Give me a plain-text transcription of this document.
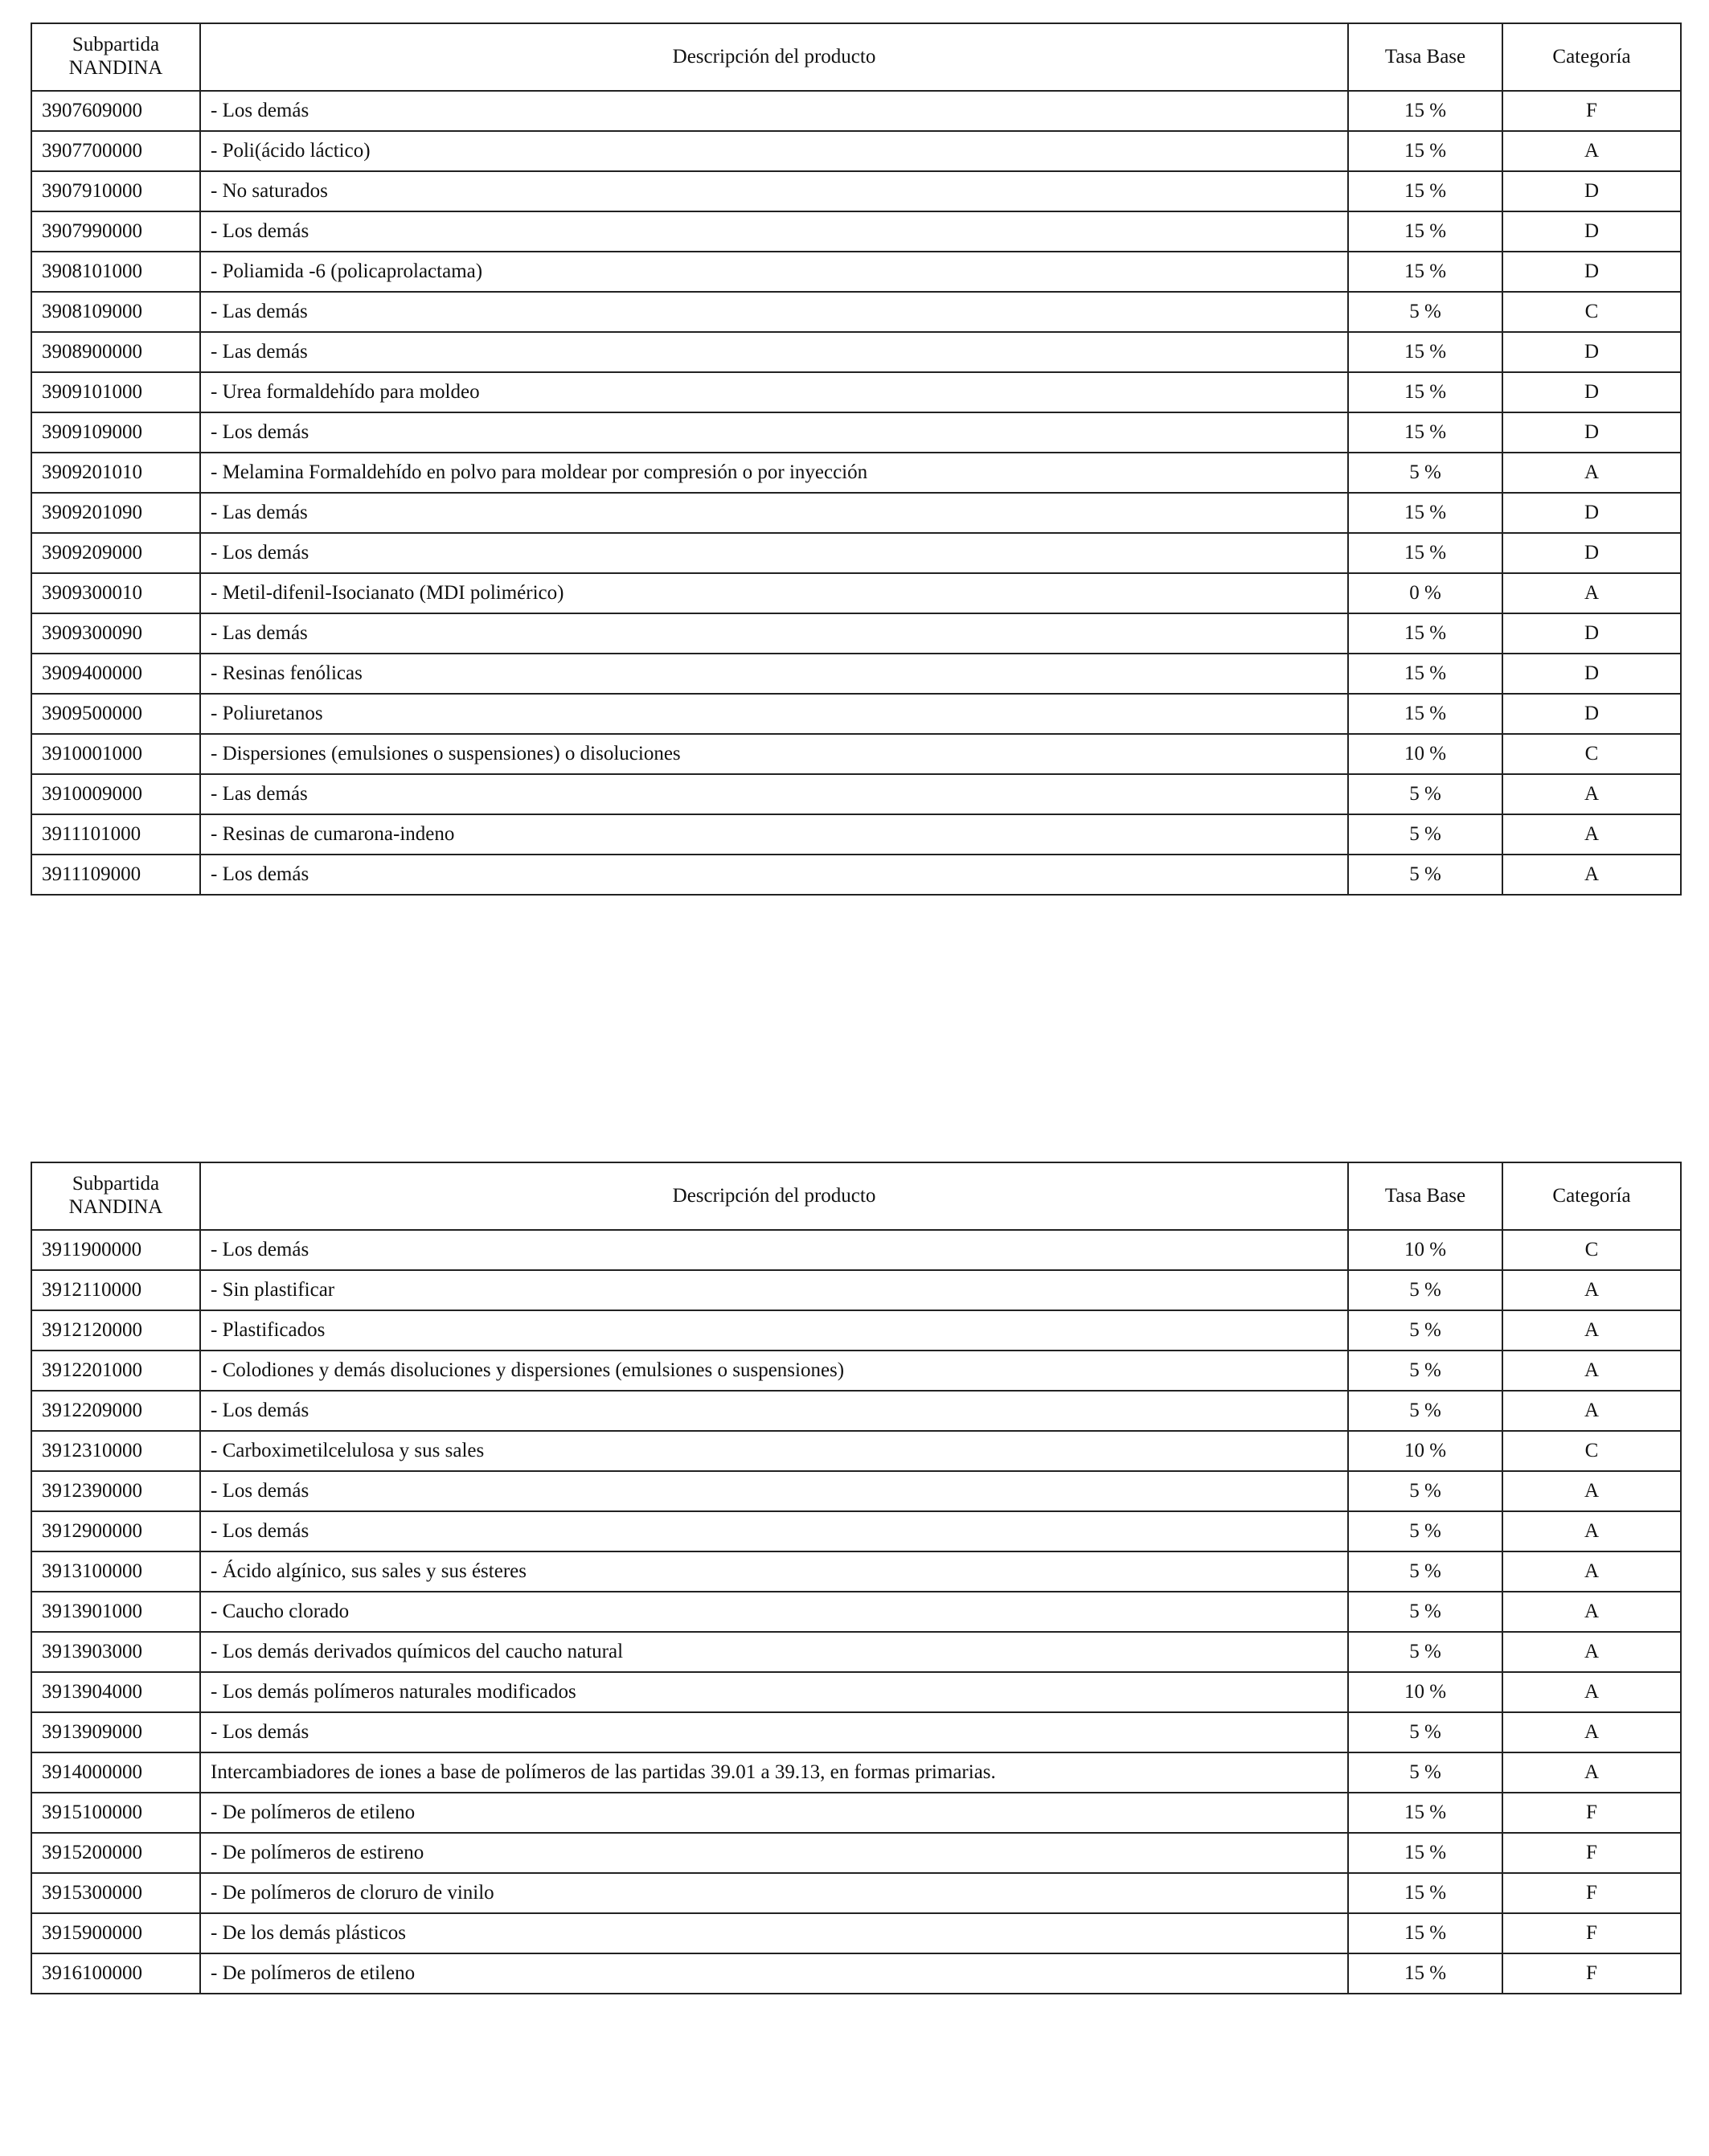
Subpartida NANDINA	Descripción del producto	Tasa Base	Categoría
3907609000	- Los demás	15 %	F
3907700000	- Poli(ácido láctico)	15 %	A
3907910000	- No saturados	15 %	D
3907990000	- Los demás	15 %	D
3908101000	- Poliamida -6 (policaprolactama)	15 %	D
3908109000	- Las demás	5 %	C
3908900000	- Las demás	15 %	D
3909101000	- Urea formaldehído para moldeo	15 %	D
3909109000	- Los demás	15 %	D
3909201010	- Melamina Formaldehído en polvo para moldear por compresión o por inyección	5 %	A
3909201090	- Las demás	15 %	D
3909209000	- Los demás	15 %	D
3909300010	- Metil-difenil-Isocianato (MDI polimérico)	0 %	A
3909300090	- Las demás	15 %	D
3909400000	- Resinas fenólicas	15 %	D
3909500000	- Poliuretanos	15 %	D
3910001000	- Dispersiones (emulsiones o suspensiones) o disoluciones	10 %	C
3910009000	- Las demás	5 %	A
3911101000	- Resinas de cumarona-indeno	5 %	A
3911109000	- Los demás	5 %	A
Subpartida NANDINA	Descripción del producto	Tasa Base	Categoría
3911900000	- Los demás	10 %	C
3912110000	- Sin plastificar	5 %	A
3912120000	- Plastificados	5 %	A
3912201000	- Colodiones y demás disoluciones y dispersiones (emulsiones o suspensiones)	5 %	A
3912209000	- Los demás	5 %	A
3912310000	- Carboximetilcelulosa y sus sales	10 %	C
3912390000	- Los demás	5 %	A
3912900000	- Los demás	5 %	A
3913100000	- Ácido algínico, sus sales y sus ésteres	5 %	A
3913901000	- Caucho clorado	5 %	A
3913903000	- Los demás derivados químicos del caucho natural	5 %	A
3913904000	- Los demás polímeros naturales modificados	10 %	A
3913909000	- Los demás	5 %	A
3914000000	Intercambiadores de iones a base de polímeros de las partidas 39.01 a 39.13, en formas primarias.	5 %	A
3915100000	- De polímeros de etileno	15 %	F
3915200000	- De polímeros de estireno	15 %	F
3915300000	- De polímeros de cloruro de vinilo	15 %	F
3915900000	- De los demás plásticos	15 %	F
3916100000	- De polímeros de etileno	15 %	F
